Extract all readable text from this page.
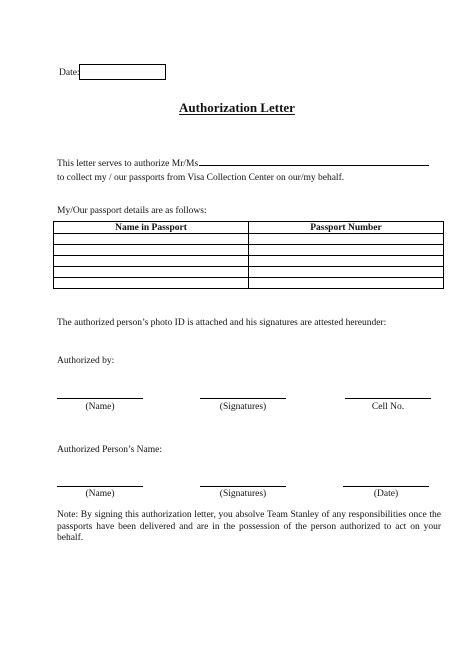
Date:
Authorization Letter
This letter serves to authorize Mr/Ms
to collect my / our passports from Visa Collection Center on our/my behalf.
My/Our passport details are as follows:
Name in Passport	Passport Number

The authorized person’s photo ID is attached and his signatures are attested hereunder:
Authorized by:
(Name)	(Signatures)	Cell No.
Authorized Person’s Name:
(Name)	(Signatures)	(Date)
Note: By signing this authorization letter, you absolve Team Stanley of any responsibilities once the passports have been delivered and are in the possession of the person authorized to act on your behalf.
